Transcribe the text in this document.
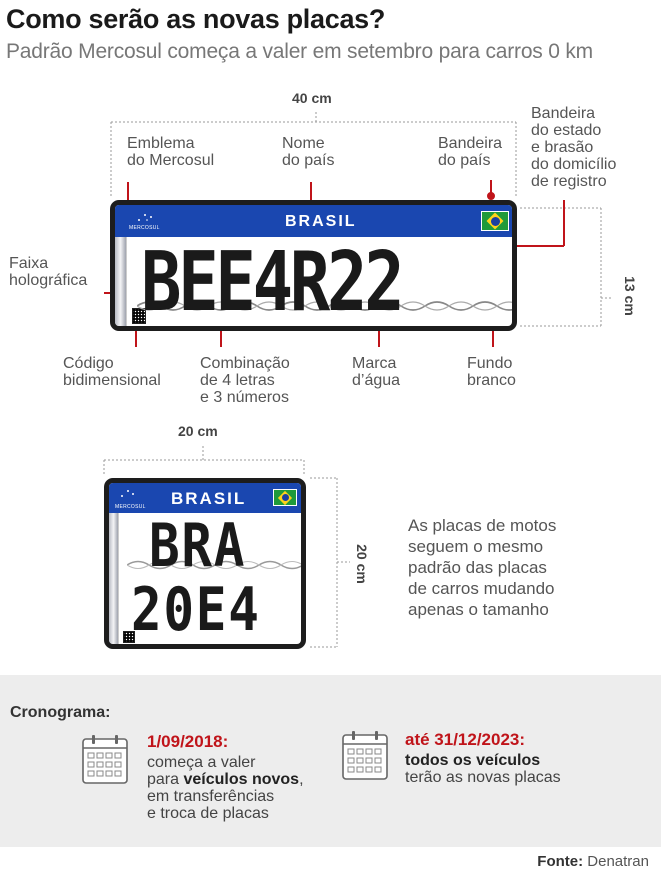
Como serão as novas placas?
Padrão Mercosul começa a valer em setembro para carros 0 km
40 cm
13 cm
BRASIL
MERCOSUL
BEE4R22
Emblema
do Mercosul
Nome
do país
Bandeira
do país
Bandeira
do estado
e brasão
do domicílio
de registro
Faixa
holográfica
Código
bidimensional
Combinação
de 4 letras
e 3 números
Marca
d’água
Fundo
branco
20 cm
20 cm
BRASIL
MERCOSUL
BRA
20E4
As placas de motos
seguem o mesmo
padrão das placas
de carros mudando
apenas o tamanho
Cronograma:
1/09/2018:
começa a valer
para veículos novos,
em transferências
e troca de placas
até 31/12/2023:
todos os veículos
terão as novas placas
Fonte: Denatran
